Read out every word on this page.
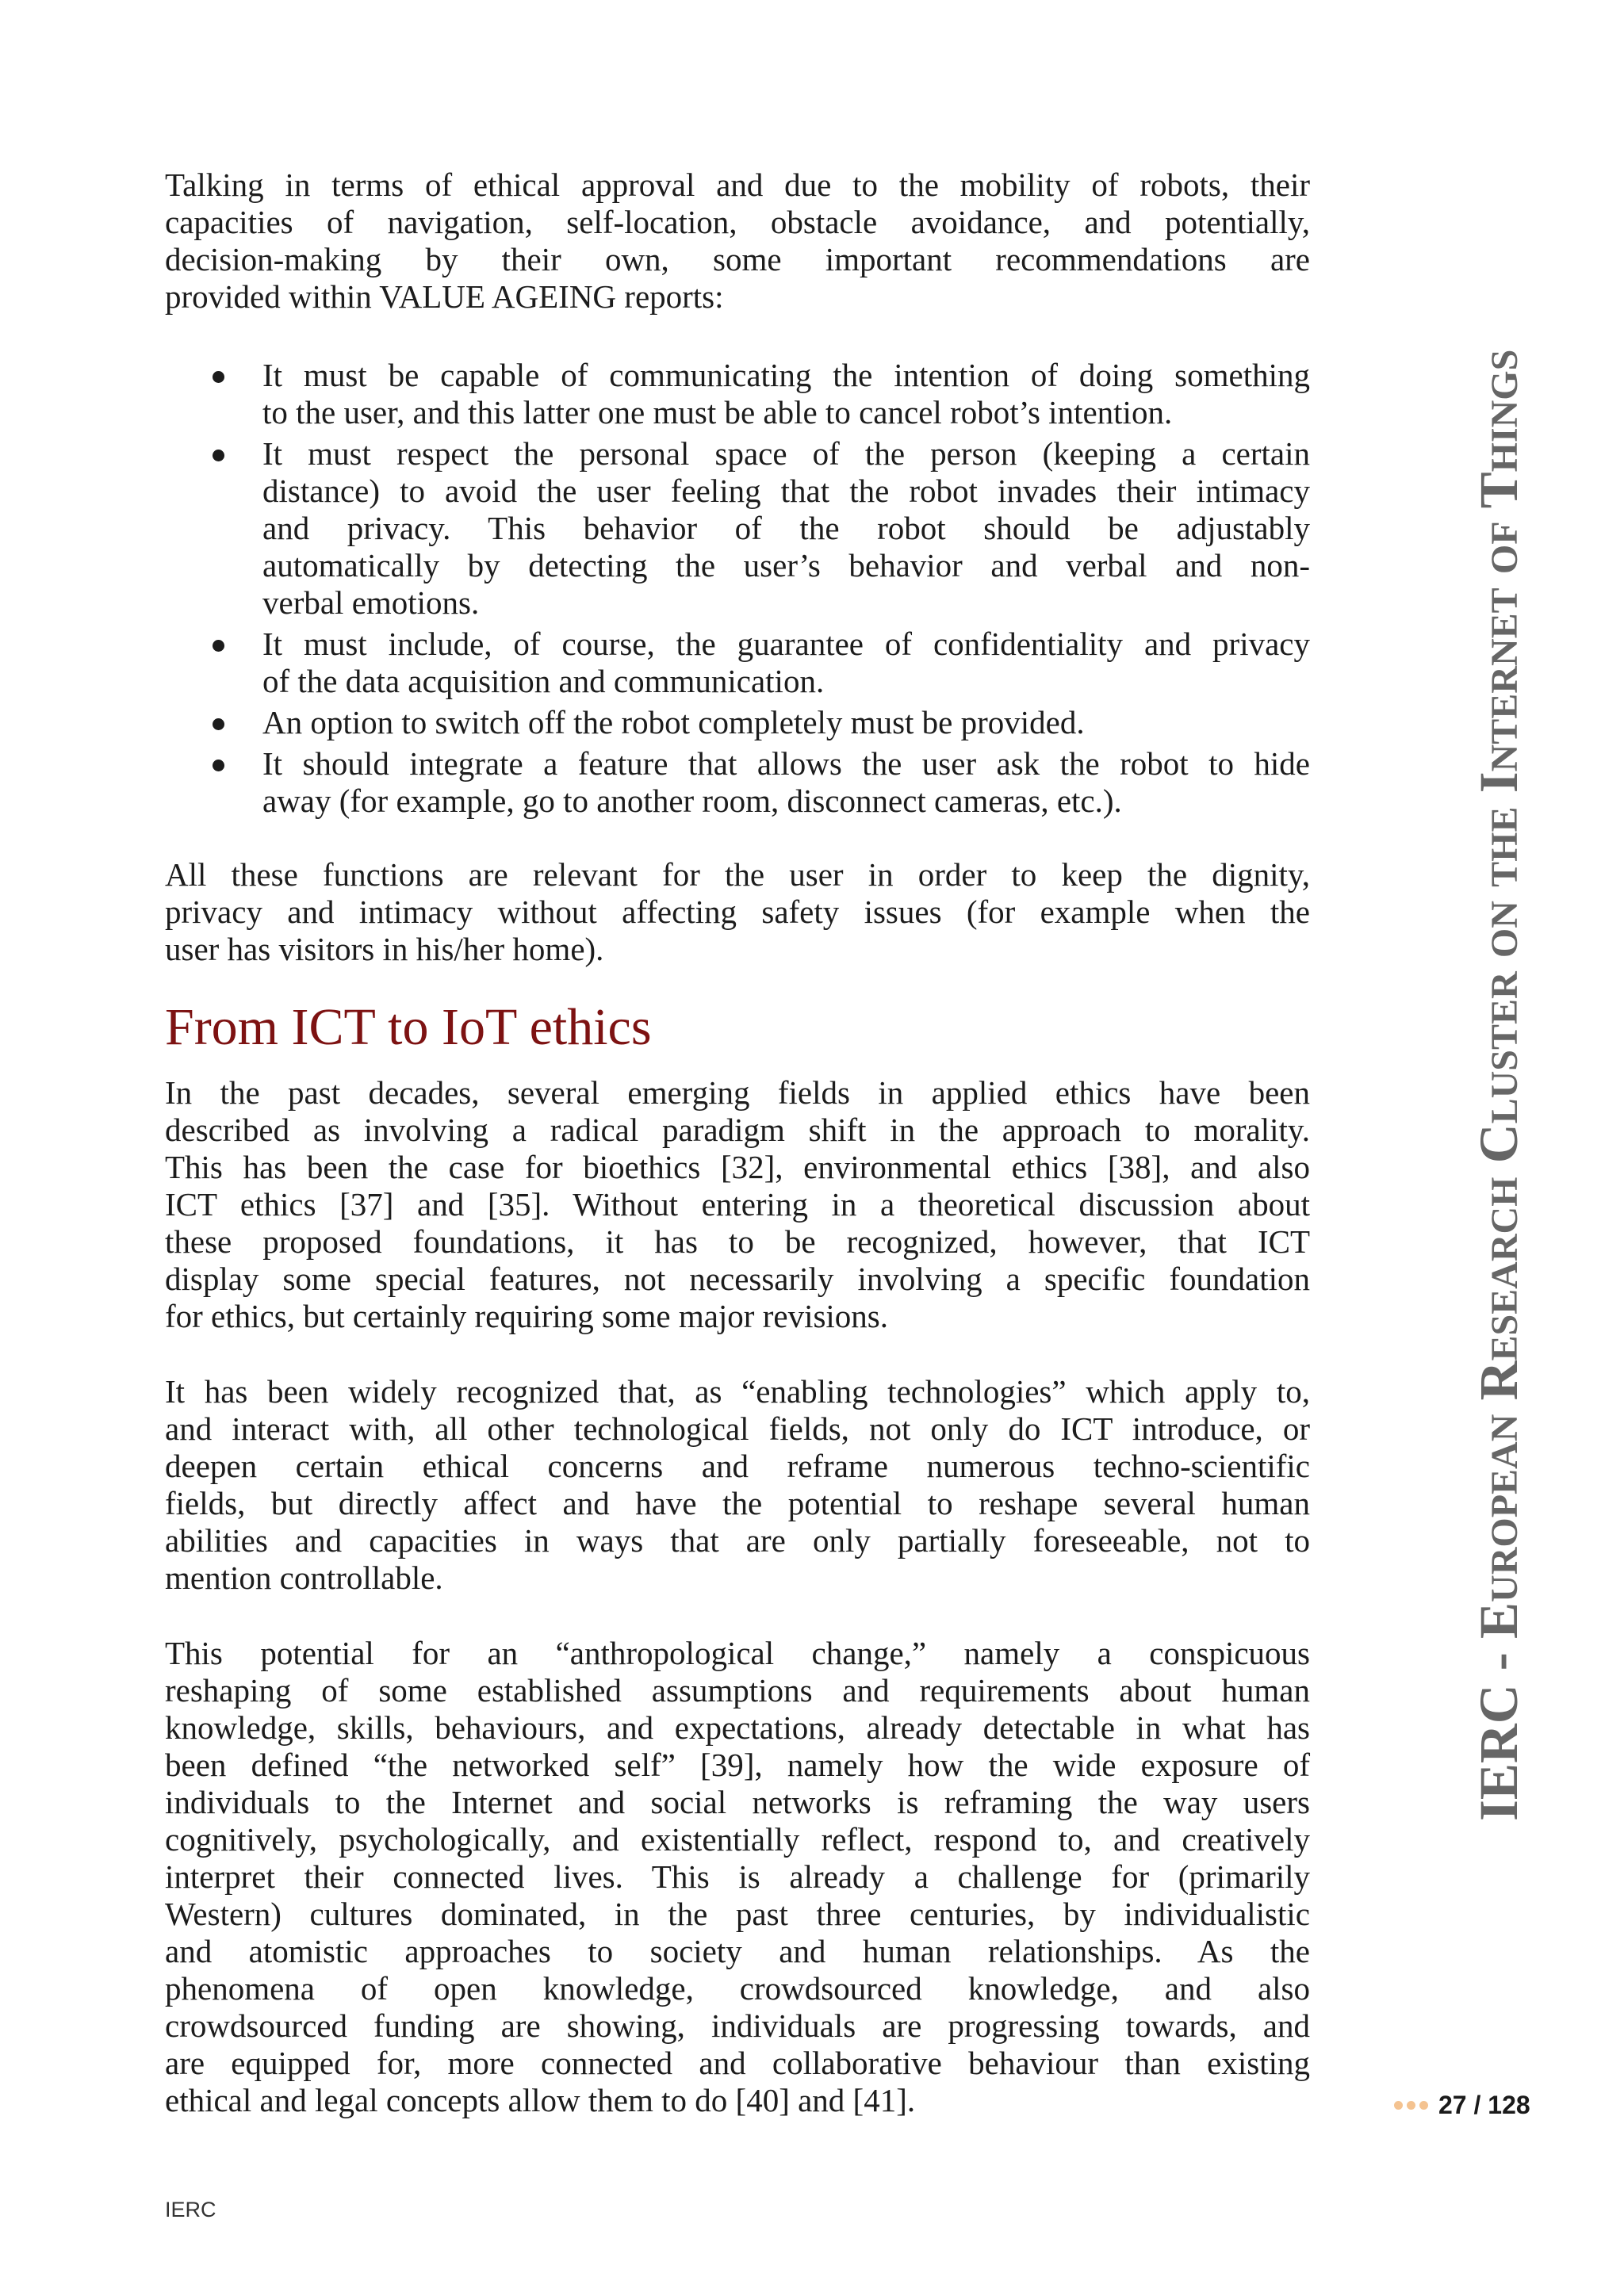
Talking in terms of ethical approval and due to the mobility of robots, their
capacities of navigation, self-location, obstacle avoidance, and potentially,
decision-making by their own, some important recommendations are
provided within VALUE AGEING reports:
It must be capable of communicating the intention of doing something
to the user, and this latter one must be able to cancel robot’s intention.
It must respect the personal space of the person (keeping a certain
distance) to avoid the user feeling that the robot invades their intimacy
and privacy. This behavior of the robot should be adjustably
automatically by detecting the user’s behavior and verbal and non-
verbal emotions.
It must include, of course, the guarantee of confidentiality and privacy
of the data acquisition and communication.
An option to switch off the robot completely must be provided.
It should integrate a feature that allows the user ask the robot to hide
away (for example, go to another room, disconnect cameras, etc.).
All these functions are relevant for the user in order to keep the dignity,
privacy and intimacy without affecting safety issues (for example when the
user has visitors in his/her home).
From ICT to IoT ethics
In the past decades, several emerging fields in applied ethics have been
described as involving a radical paradigm shift in the approach to morality.
This has been the case for bioethics [32], environmental ethics [38], and also
ICT ethics [37] and [35]. Without entering in a theoretical discussion about
these proposed foundations, it has to be recognized, however, that ICT
display some special features, not necessarily involving a specific foundation
for ethics, but certainly requiring some major revisions.
It has been widely recognized that, as “enabling technologies” which apply to,
and interact with, all other technological fields, not only do ICT introduce, or
deepen certain ethical concerns and reframe numerous techno-scientific
fields, but directly affect and have the potential to reshape several human
abilities and capacities in ways that are only partially foreseeable, not to
mention controllable.
This potential for an “anthropological change,” namely a conspicuous
reshaping of some established assumptions and requirements about human
knowledge, skills, behaviours, and expectations, already detectable in what has
been defined “the networked self” [39], namely how the wide exposure of
individuals to the Internet and social networks is reframing the way users
cognitively, psychologically, and existentially reflect, respond to, and creatively
interpret their connected lives. This is already a challenge for (primarily
Western) cultures dominated, in the past three centuries, by individualistic
and atomistic approaches to society and human relationships. As the
phenomena of open knowledge, crowdsourced knowledge, and also
crowdsourced funding are showing, individuals are progressing towards, and
are equipped for, more connected and collaborative behaviour than existing
ethical and legal concepts allow them to do [40] and [41].
IERC - European Research Cluster on the Internet of Things
27 / 128
IERC
